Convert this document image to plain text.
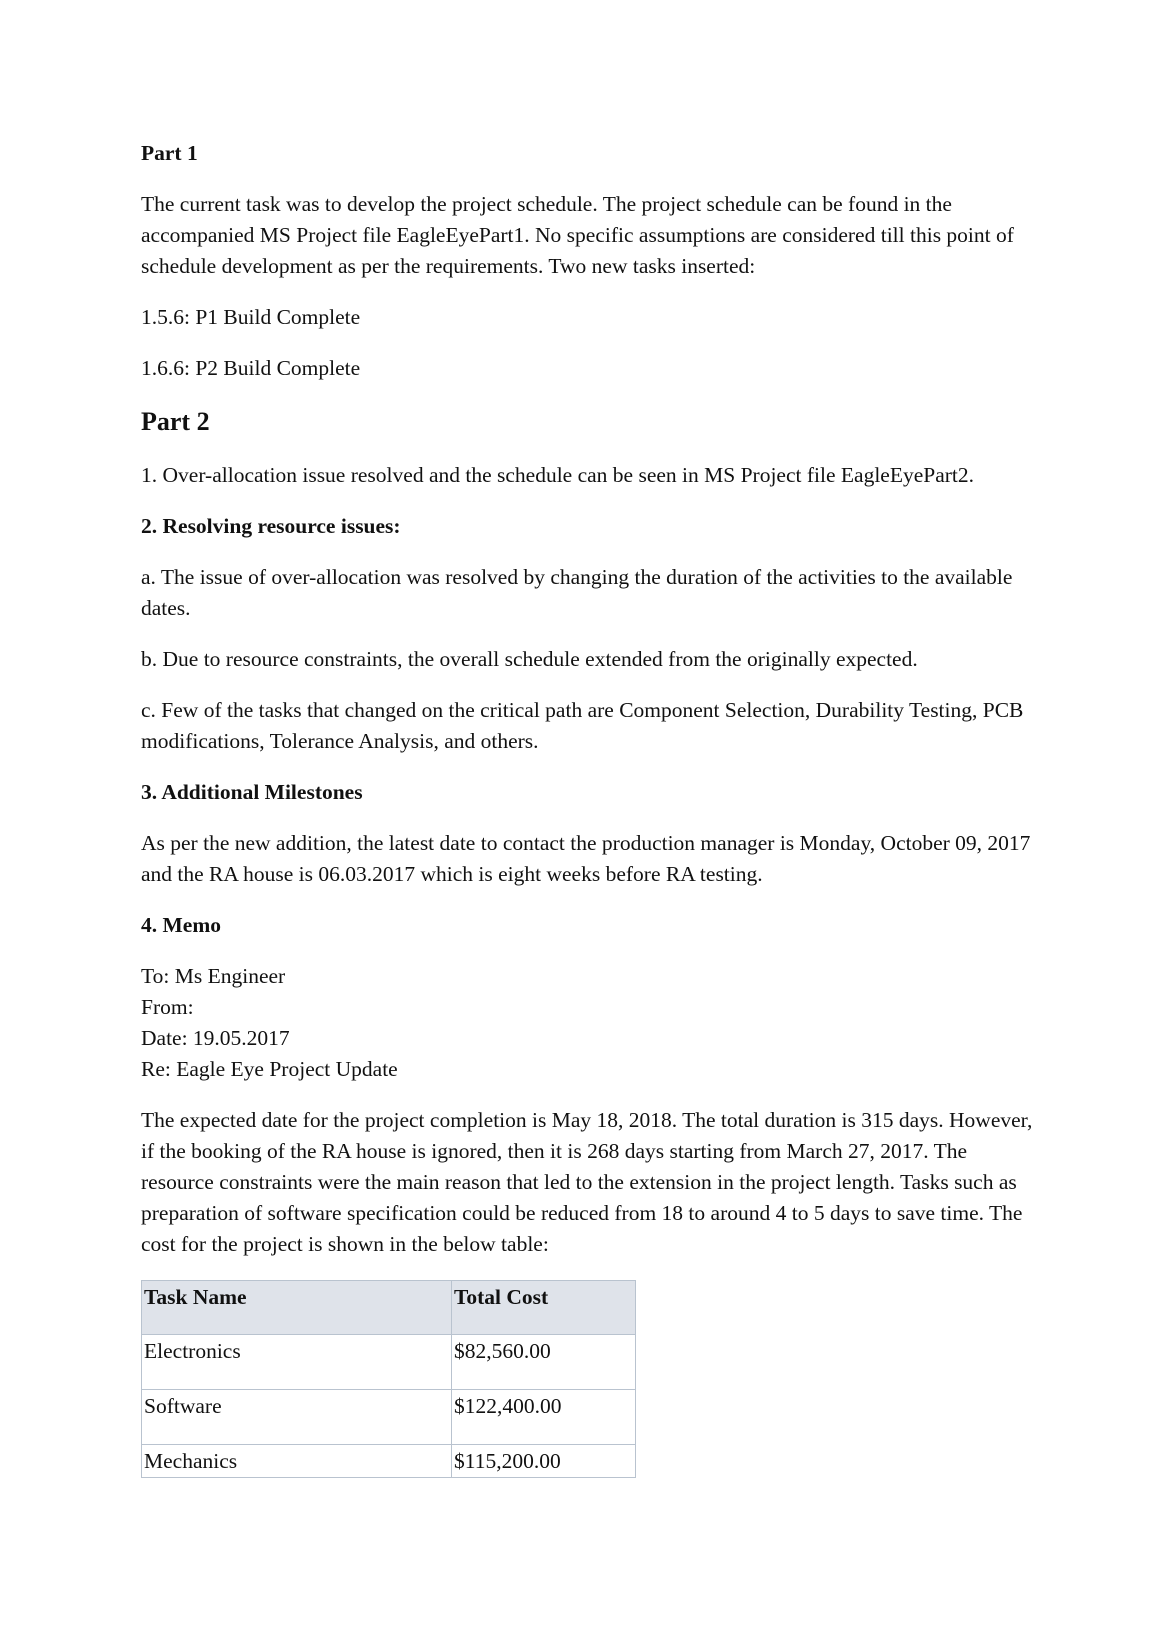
Part 1

The current task was to develop the project schedule. The project schedule can be found in the accompanied MS Project file EagleEyePart1. No specific assumptions are considered till this point of schedule development as per the requirements. Two new tasks inserted:

1.5.6: P1 Build Complete

1.6.6: P2 Build Complete

Part 2

1. Over-allocation issue resolved and the schedule can be seen in MS Project file EagleEyePart2.

2. Resolving resource issues:

a. The issue of over-allocation was resolved by changing the duration of the activities to the available dates.

b. Due to resource constraints, the overall schedule extended from the originally expected.

c. Few of the tasks that changed on the critical path are Component Selection, Durability Testing, PCB modifications, Tolerance Analysis, and others.

3. Additional Milestones

As per the new addition, the latest date to contact the production manager is Monday, October 09, 2017 and the RA house is 06.03.2017 which is eight weeks before RA testing.

4. Memo

To: Ms Engineer
From:
Date: 19.05.2017
Re: Eagle Eye Project Update

The expected date for the project completion is May 18, 2018. The total duration is 315 days. However, if the booking of the RA house is ignored, then it is 268 days starting from March 27, 2017. The resource constraints were the main reason that led to the extension in the project length. Tasks such as preparation of software specification could be reduced from 18 to around 4 to 5 days to save time. The cost for the project is shown in the below table:

Task Name	Total Cost
Electronics	$82,560.00
Software	$122,400.00
Mechanics	$115,200.00
